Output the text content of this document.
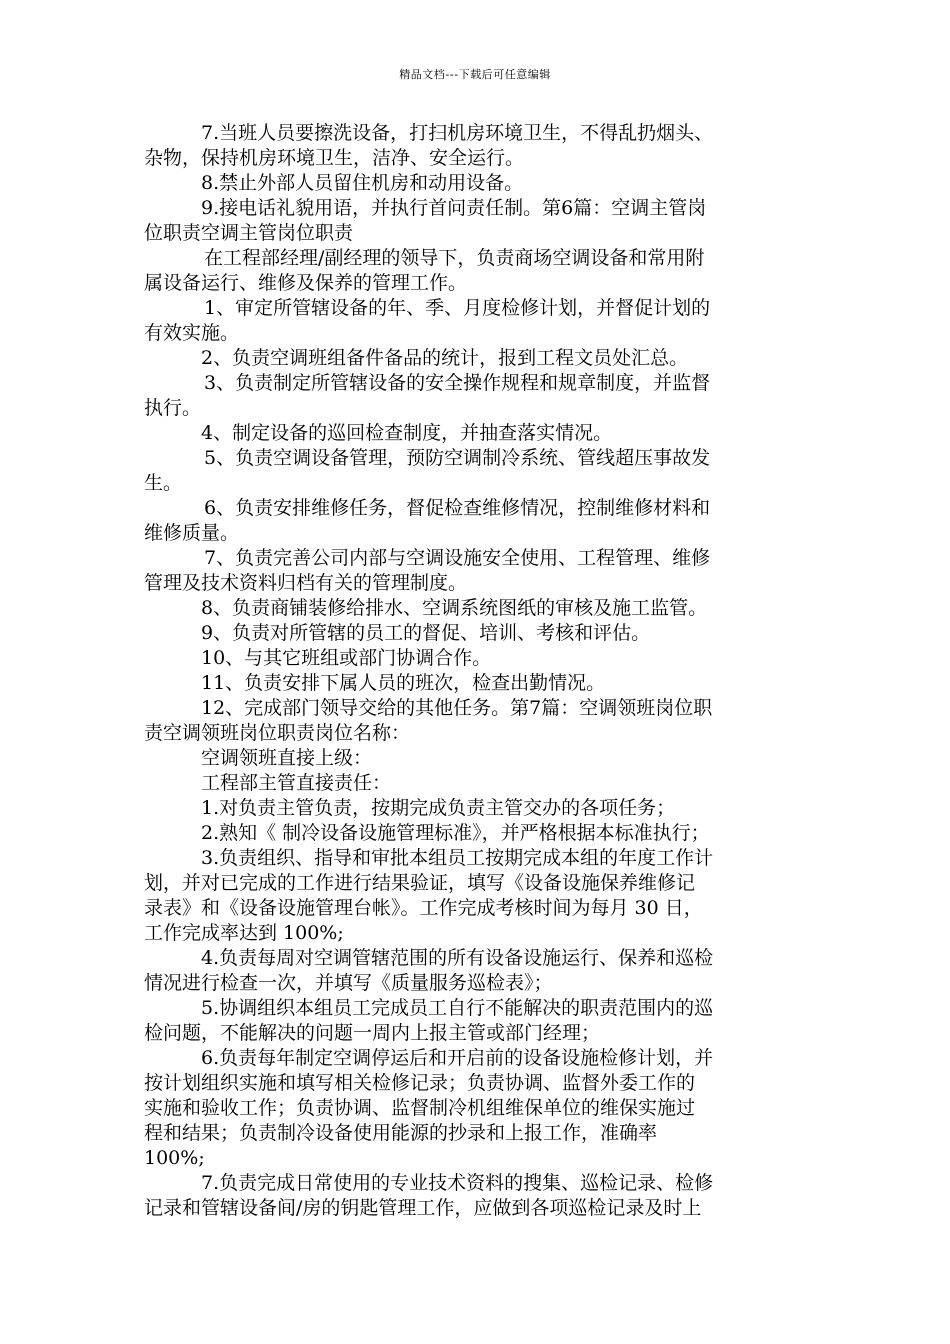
精品文档---下载后可任意编辑
7.当班人员要擦洗设备，打扫机房环境卫生，不得乱扔烟头、
杂物，保持机房环境卫生，洁净、安全运行。
8.禁止外部人员留住机房和动用设备。
9.接电话礼貌用语，并执行首问责任制。第6篇：空调主管岗
位职责空调主管岗位职责
在工程部经理/副经理的领导下，负责商场空调设备和常用附
属设备运行、维修及保养的管理工作。
1、审定所管辖设备的年、季、月度检修计划，并督促计划的
有效实施。
2、负责空调班组备件备品的统计，报到工程文员处汇总。
3、负责制定所管辖设备的安全操作规程和规章制度，并监督
执行。
4、制定设备的巡回检查制度，并抽查落实情况。
5、负责空调设备管理，预防空调制冷系统、管线超压事故发
生。
6、负责安排维修任务，督促检查维修情况，控制维修材料和
维修质量。
7、负责完善公司内部与空调设施安全使用、工程管理、维修
管理及技术资料归档有关的管理制度。
8、负责商铺装修给排水、空调系统图纸的审核及施工监管。
9、负责对所管辖的员工的督促、培训、考核和评估。
10、与其它班组或部门协调合作。
11、负责安排下属人员的班次，检查出勤情况。
12、完成部门领导交给的其他任务。第7篇：空调领班岗位职
责空调领班岗位职责岗位名称：
空调领班直接上级：
工程部主管直接责任：
1.对负责主管负责，按期完成负责主管交办的各项任务；
2.熟知《 制冷设备设施管理标准》，并严格根据本标准执行；
3.负责组织、指导和审批本组员工按期完成本组的年度工作计
划，并对已完成的工作进行结果验证，填写《设备设施保养维修记
录表》和《设备设施管理台帐》。工作完成考核时间为每月 30 日，
工作完成率达到 100%;
4.负责每周对空调管辖范围的所有设备设施运行、保养和巡检
情况进行检查一次，并填写《质量服务巡检表》；
5.协调组织本组员工完成员工自行不能解决的职责范围内的巡
检问题，不能解决的问题一周内上报主管或部门经理；
6.负责每年制定空调停运后和开启前的设备设施检修计划，并
按计划组织实施和填写相关检修记录；负责协调、监督外委工作的
实施和验收工作；负责协调、监督制冷机组维保单位的维保实施过
程和结果；负责制冷设备使用能源的抄录和上报工作，准确率
100%;
7.负责完成日常使用的专业技术资料的搜集、巡检记录、检修
记录和管辖设备间/房的钥匙管理工作，应做到各项巡检记录及时上
